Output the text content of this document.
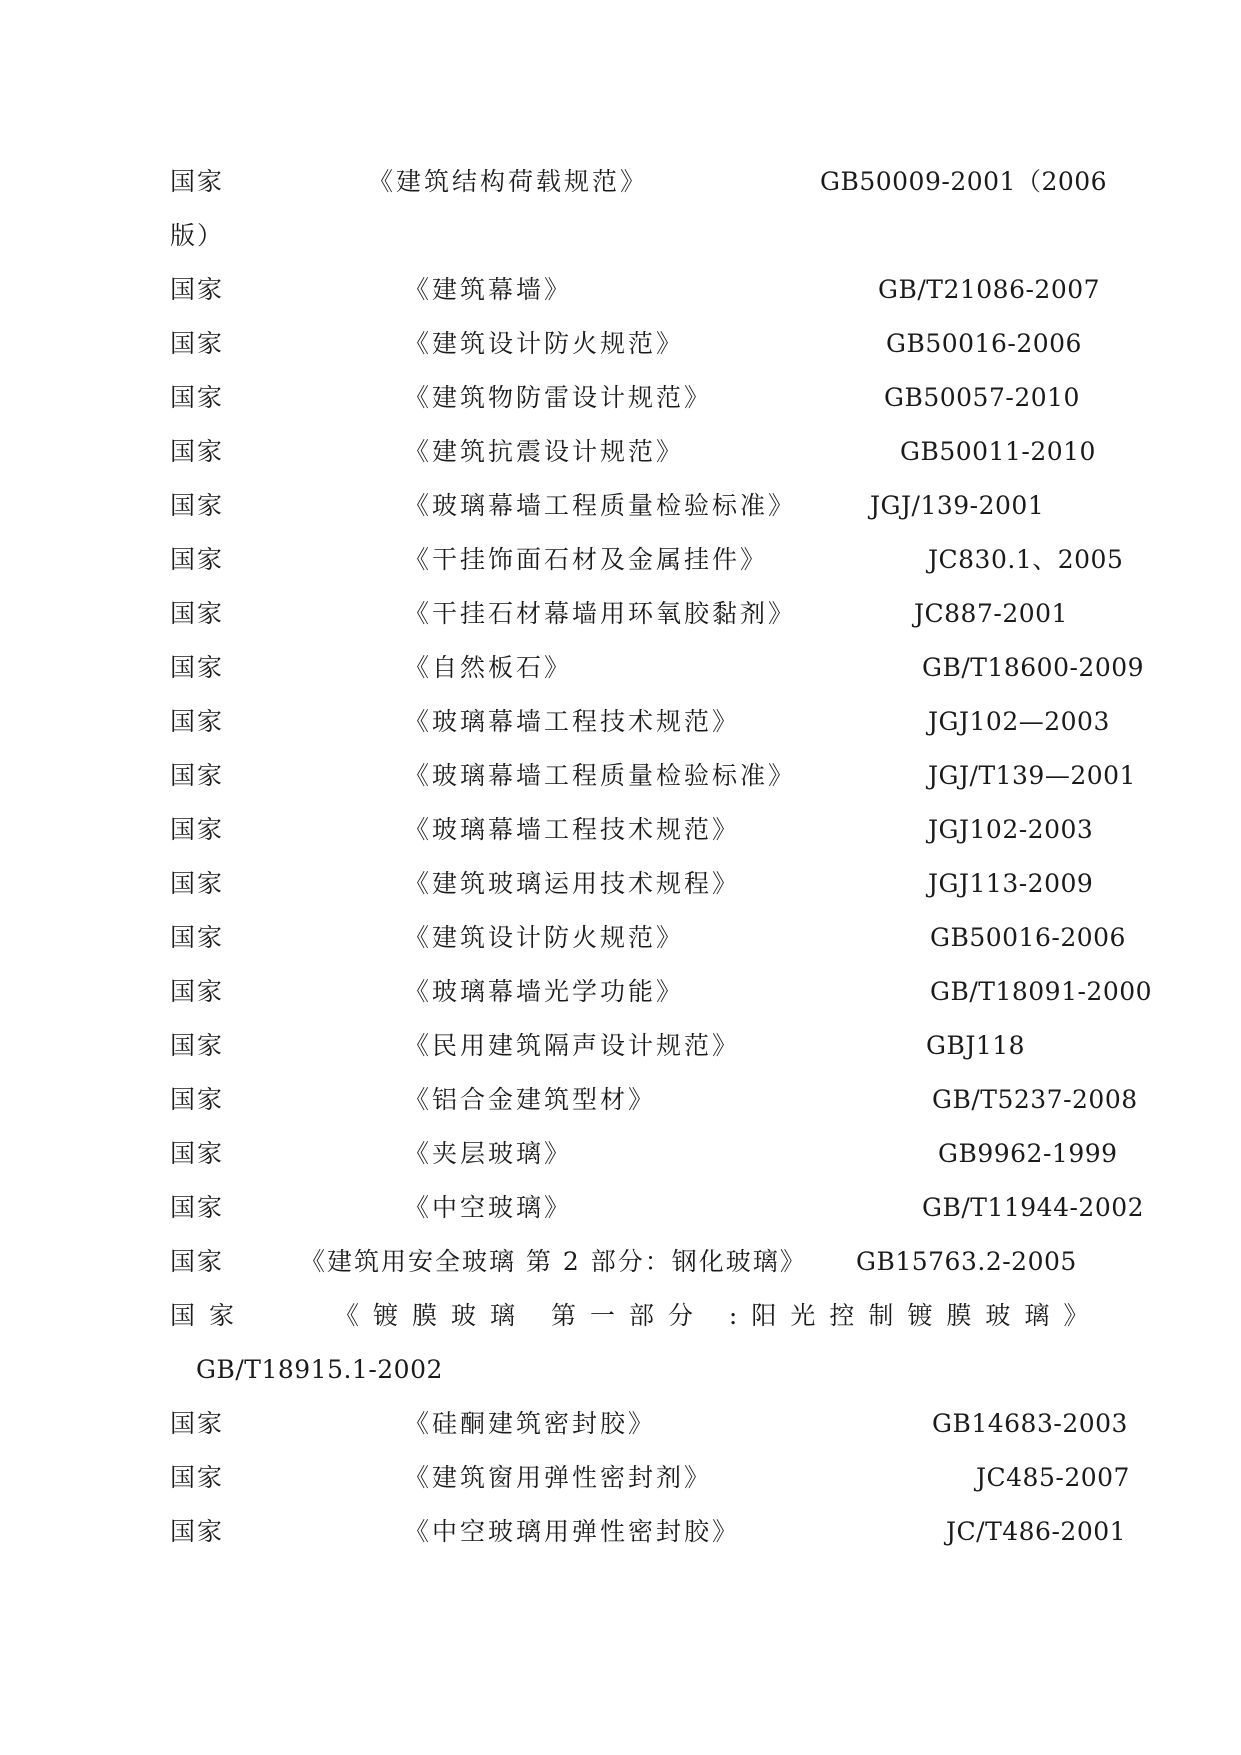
国家	《建筑结构荷载规范》	GB50009-2001（2006
版）
国家	《建筑幕墙》	GB/T21086-2007
国家	《建筑设计防火规范》	GB50016-2006
国家	《建筑物防雷设计规范》	GB50057-2010
国家	《建筑抗震设计规范》	GB50011-2010
国家	《玻璃幕墙工程质量检验标准》	JGJ/139-2001
国家	《干挂饰面石材及金属挂件》	JC830.1、2005
国家	《干挂石材幕墙用环氧胶黏剂》	JC887-2001
国家	《自然板石》	GB/T18600-2009
国家	《玻璃幕墙工程技术规范》	JGJ102—2003
国家	《玻璃幕墙工程质量检验标准》	JGJ/T139—2001
国家	《玻璃幕墙工程技术规范》	JGJ102-2003
国家	《建筑玻璃运用技术规程》	JGJ113-2009
国家	《建筑设计防火规范》	GB50016-2006
国家	《玻璃幕墙光学功能》	GB/T18091-2000
国家	《民用建筑隔声设计规范》	GBJ118
国家	《铝合金建筑型材》	GB/T5237-2008
国家	《夹层玻璃》	GB9962-1999
国家	《中空玻璃》	GB/T11944-2002
国家	《建筑用安全玻璃 第 2 部分：钢化玻璃》 GB15763.2-2005
国家	《镀膜玻璃 第一部分 :阳光控制镀膜玻璃》
GB/T18915.1-2002
国家	《硅酮建筑密封胶》	GB14683-2003
国家	《建筑窗用弹性密封剂》	JC485-2007
国家	《中空玻璃用弹性密封胶》	JC/T486-2001
